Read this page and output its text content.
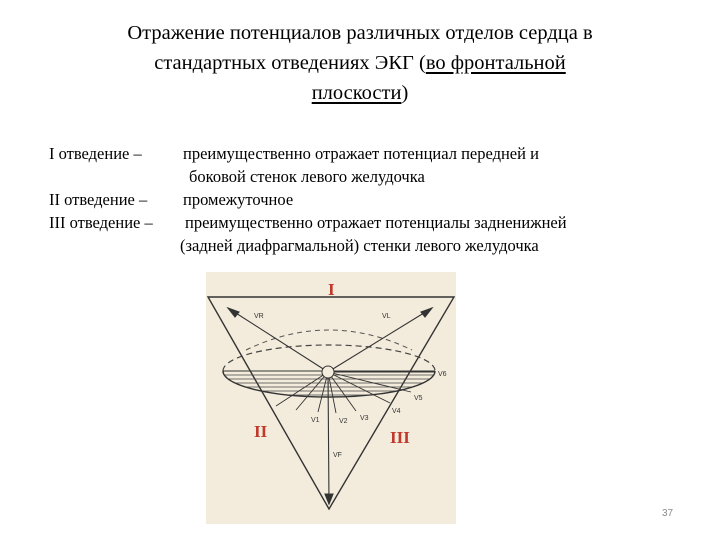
Отражение потенциалов различных отделов сердца в
стандартных отведениях ЭКГ (во фронтальной
плоскости)
I отведение –	преимущественно отражает потенциал передней и
боковой стенок левого желудочка
II отведение – промежуточное
III отведение – преимущественно отражает потенциалы задненижней
(задней диафрагмальной) стенки левого желудочка
VR	VL
VF
V1	V2 V3
V4
V5
V6
I
II	III
37
